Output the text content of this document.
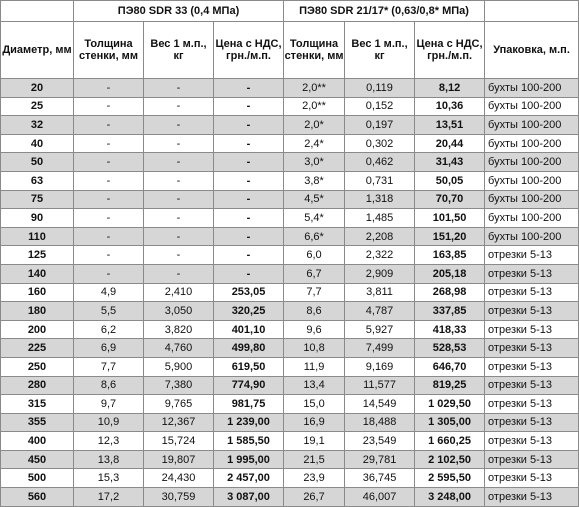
	ПЭ80 SDR 33 (0,4 МПа)			ПЭ80 SDR 21/17* (0,63/0,8* МПа)			
Диаметр, мм	Толщина стенки, мм	Вес 1 м.п., кг	Цена с НДС, грн./м.п.	Толщина стенки, мм	Вес 1 м.п., кг	Цена с НДС, грн./м.п.	Упаковка, м.п.
20	-	-	-	2,0**	0,119	8,12	бухты 100-200
25	-	-	-	2,0**	0,152	10,36	бухты 100-200
32	-	-	-	2,0*	0,197	13,51	бухты 100-200
40	-	-	-	2,4*	0,302	20,44	бухты 100-200
50	-	-	-	3,0*	0,462	31,43	бухты 100-200
63	-	-	-	3,8*	0,731	50,05	бухты 100-200
75	-	-	-	4,5*	1,318	70,70	бухты 100-200
90	-	-	-	5,4*	1,485	101,50	бухты 100-200
110	-	-	-	6,6*	2,208	151,20	бухты 100-200
125	-	-	-	6,0	2,322	163,85	отрезки 5-13
140	-	-	-	6,7	2,909	205,18	отрезки 5-13
160	4,9	2,410	253,05	7,7	3,811	268,98	отрезки 5-13
180	5,5	3,050	320,25	8,6	4,787	337,85	отрезки 5-13
200	6,2	3,820	401,10	9,6	5,927	418,33	отрезки 5-13
225	6,9	4,760	499,80	10,8	7,499	528,53	отрезки 5-13
250	7,7	5,900	619,50	11,9	9,169	646,70	отрезки 5-13
280	8,6	7,380	774,90	13,4	11,577	819,25	отрезки 5-13
315	9,7	9,765	981,75	15,0	14,549	1 029,50	отрезки 5-13
355	10,9	12,367	1 239,00	16,9	18,488	1 305,00	отрезки 5-13
400	12,3	15,724	1 585,50	19,1	23,549	1 660,25	отрезки 5-13
450	13,8	19,807	1 995,00	21,5	29,781	2 102,50	отрезки 5-13
500	15,3	24,430	2 457,00	23,9	36,745	2 595,50	отрезки 5-13
560	17,2	30,759	3 087,00	26,7	46,007	3 248,00	отрезки 5-13
